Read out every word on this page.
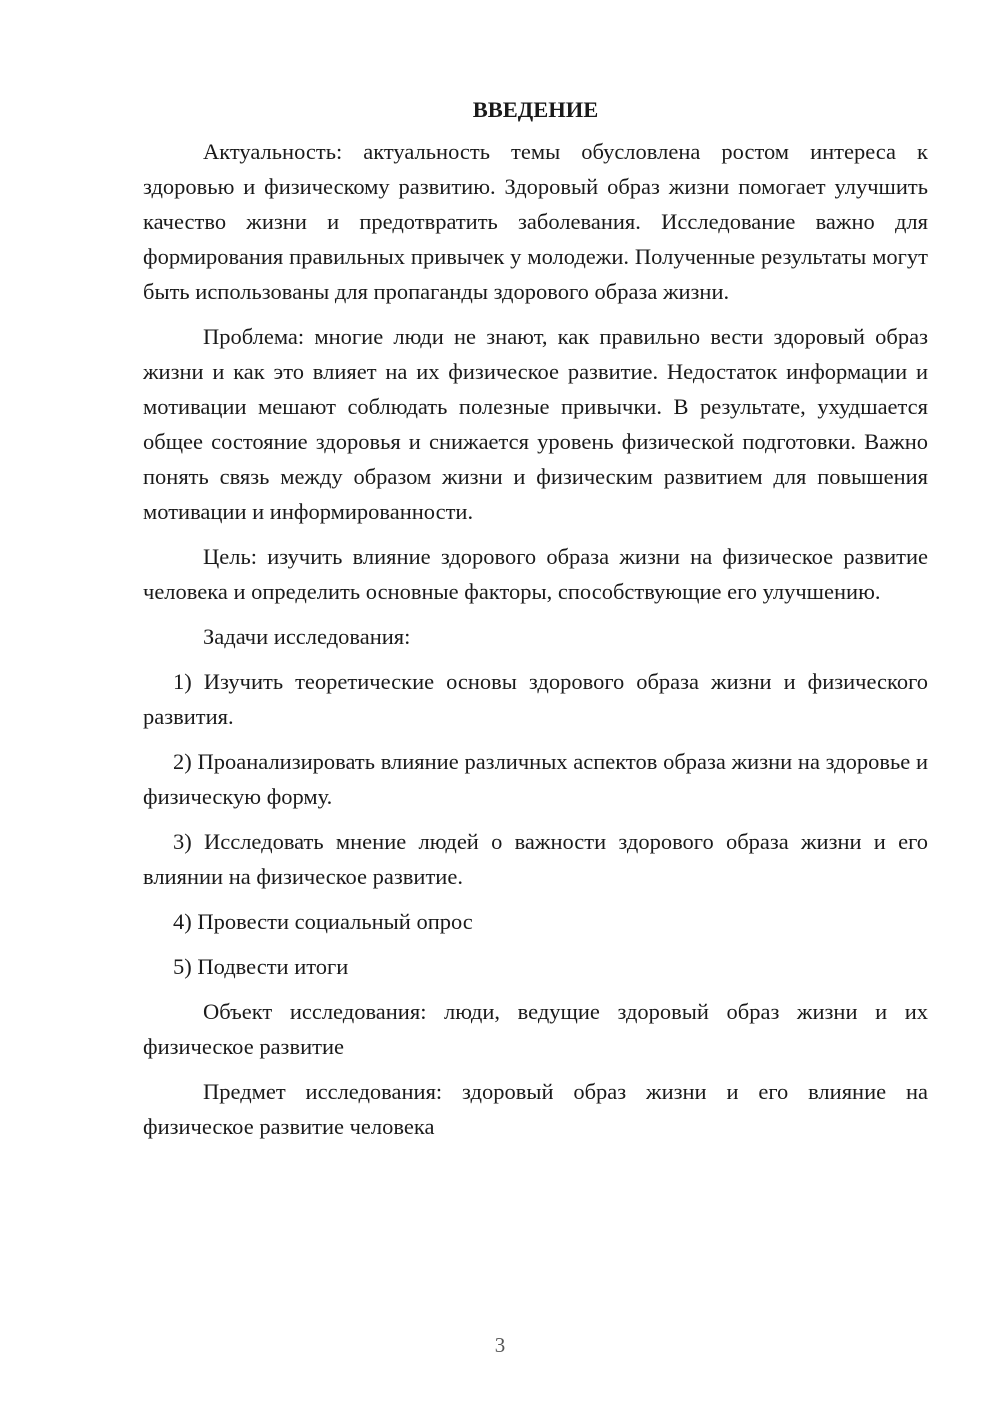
ВВЕДЕНИЕ

Актуальность: актуальность темы обусловлена ростом интереса к здоровью и физическому развитию. Здоровый образ жизни помогает улучшить качество жизни и предотвратить заболевания. Исследование важно для формирования правильных привычек у молодежи. Полученные результаты могут быть использованы для пропаганды здорового образа жизни.

Проблема: многие люди не знают, как правильно вести здоровый образ жизни и как это влияет на их физическое развитие. Недостаток информации и мотивации мешают соблюдать полезные привычки. В результате, ухудшается общее состояние здоровья и снижается уровень физической подготовки. Важно понять связь между образом жизни и физическим развитием для повышения мотивации и информированности.

Цель: изучить влияние здорового образа жизни на физическое развитие человека и определить основные факторы, способствующие его улучшению.

Задачи исследования:

1) Изучить теоретические основы здорового образа жизни и физического развития.

2) Проанализировать влияние различных аспектов образа жизни на здоровье и физическую форму.

3) Исследовать мнение людей о важности здорового образа жизни и его влиянии на физическое развитие.

4) Провести социальный опрос

5) Подвести итоги

Объект исследования: люди, ведущие здоровый образ жизни и их физическое развитие

Предмет исследования: здоровый образ жизни и его влияние на физическое развитие человека

3
